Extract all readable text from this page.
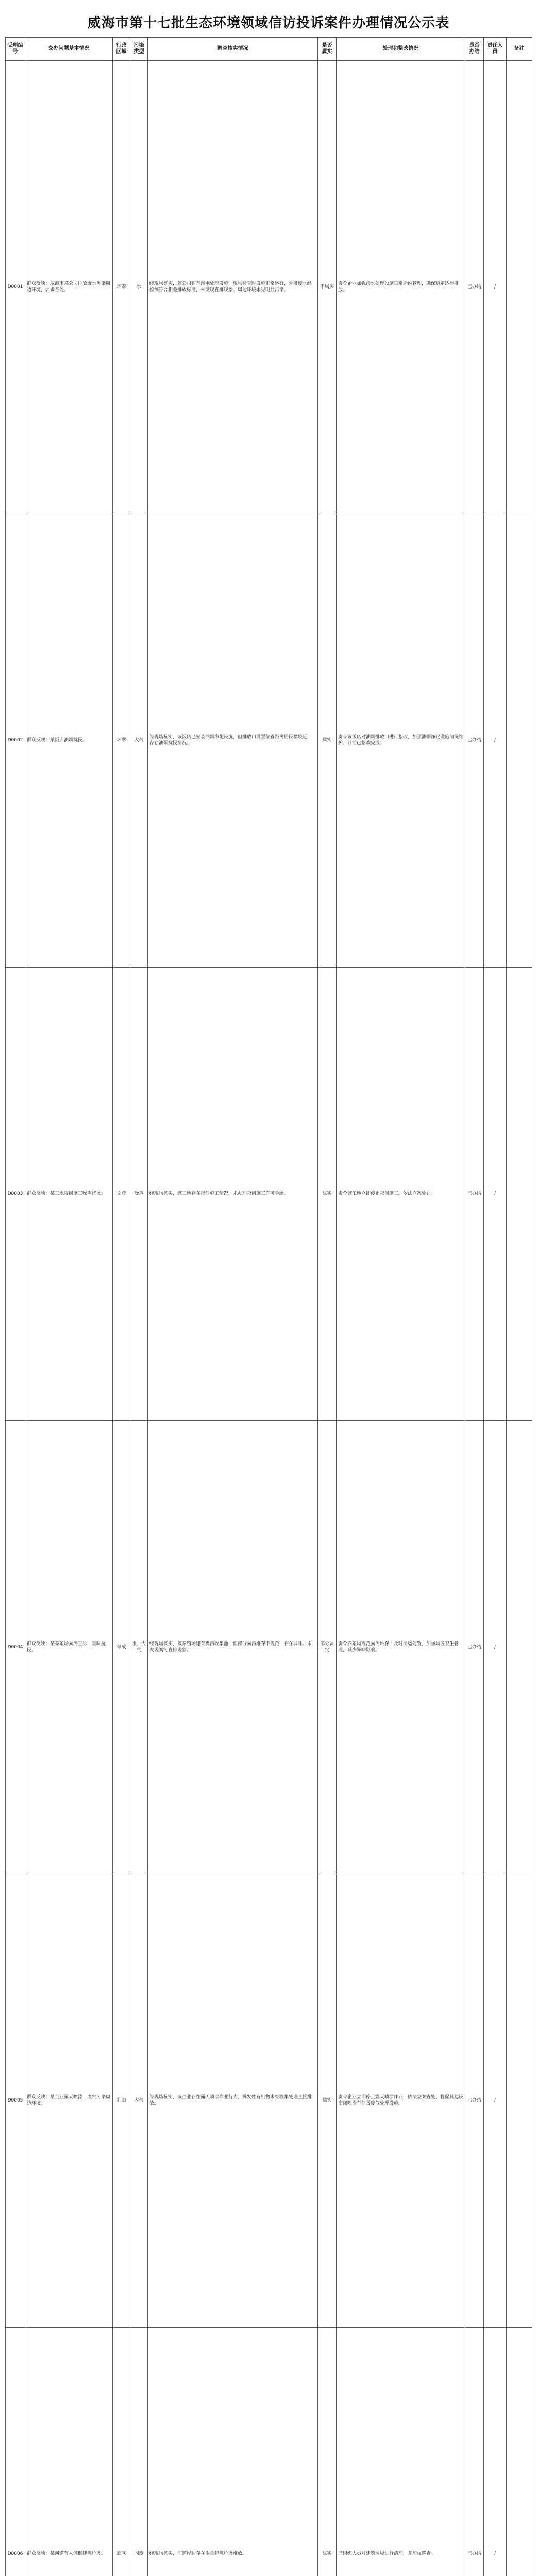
威海市第十七批生态环境领域信访投诉案件办理情况公示表
受理编号	交办问题基本情况	行政区域	污染类型	调查核实情况	是否属实	处理和整改情况	是否办结	责任人员	备注
D0001	群众反映：威海市某公司排放废水污染周边环境，要求查处。	环翠	水	经现场核实，该公司建有污水处理设施，现场检查时设施正常运行，外排废水经检测符合相关排放标准，未发现直排现象。周边环境未见明显污染。	不属实	责令企业加强污水处理设施日常运维管理，确保稳定达标排放。	已办结	/	
D0002	群众反映：某饭店油烟扰民。	环翠	大气	经现场核实，该饭店已安装油烟净化设施，但排放口设置位置距离居民楼较近，存在油烟扰民情况。	属实	责令该饭店对油烟排放口进行整改，加强油烟净化设施清洗维护。目前已整改完成。	已办结	/	
D0003	群众反映：某工地夜间施工噪声扰民。	文登	噪声	经现场核实，该工地存在夜间施工情况，未办理夜间施工许可手续。	属实	责令该工地立即停止夜间施工，依法立案处罚。	已办结	/	
D0004	群众反映：某养殖场粪污直排，臭味扰民。	荣成	水、大气	经现场核实，该养殖场建有粪污收集池，但部分粪污堆存不规范，存在异味。未发现粪污直排现象。	部分属实	责令养殖场规范粪污堆存，及时清运处置，加强场区卫生管理，减少异味影响。	已办结	/	
D0005	群众反映：某企业露天喷漆，废气污染周边环境。	乳山	大气	经现场核实，该企业存在露天喷涂作业行为，挥发性有机物未经收集处理直接排放。	属实	责令企业立即停止露天喷涂作业，依法立案查处，督促其建设密闭喷涂车间及废气处理设施。	已办结	/	
D0006	群众反映：某河道有人倾倒建筑垃圾。	高区	固废	经现场核实，河道岸边存在少量建筑垃圾堆放。	属实	已组织人员对建筑垃圾进行清理，并加强巡查。	已办结	/	
